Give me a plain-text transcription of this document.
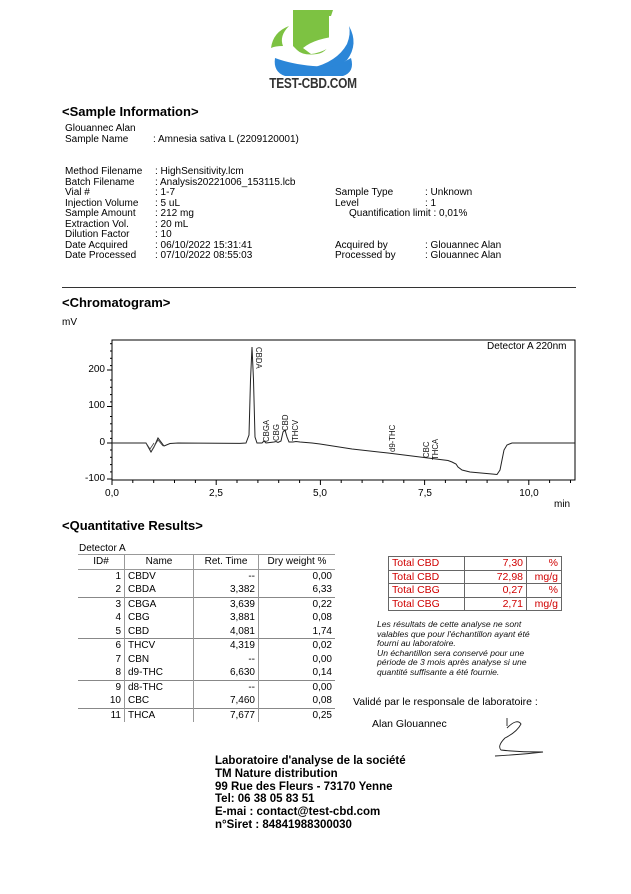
TEST-CBD.COM
<Sample Information>
Glouannec Alan
Sample Name : Amnesia sativa L (2209120001)
Method Filename : HighSensitivity.lcm
Batch Filename : Analysis20221006_153115.lcb
Vial #	: 1-7
Injection Volume : 5 uL
Sample Amount : 212 mg
Extraction Vol.	: 20 mL
Dilution Factor	: 10
Date Acquired	: 06/10/2022 15:31:41
Date Processed : 07/10/2022 08:55:03
Sample Type	: Unknown
Level	: 1
Quantification limit : 0,01%
Acquired by	: Glouannec Alan
Processed by	: Glouannec Alan
<Chromatogram>
mV
CBDA
CBGA CBG
CBD THCV	d9-THC	CBC THCA
Detector A 220nm
200
100
0
-100
0,0	2,5	5,0	7,5	10,0
min
<Quantitative Results>
Detector A
ID#	Name	Ret. Time	Dry weight %
1	CBDV	--	0,00
2	CBDA	3,382	6,33
3	CBGA	3,639	0,22
4	CBG	3,881	0,08
5	CBD	4,081	1,74
6	THCV	4,319	0,02
7	CBN	--	0,00
8	d9-THC	6,630	0,14
9	d8-THC	--	0,00
10	CBC	7,460	0,08
11	THCA	7,677	0,25
Total CBD	7,30	%
Total CBD	72,98	mg/g
Total CBG	0,27	%
Total CBG	2,71	mg/g
Les résultats de cette analyse ne sont
valables que pour l'échantillon ayant été
fourni au laboratoire.
Un échantillon sera conservé pour une
période de 3 mois après analyse si une
quantité suffisante a été fournie.
Validé par le responsale de laboratoire :
Alan Glouannec
Laboratoire d'analyse de la société
TM Nature distribution
99 Rue des Fleurs - 73170 Yenne
Tel: 06 38 05 83 51
E-mai : contact@test-cbd.com
n°Siret : 84841988300030
